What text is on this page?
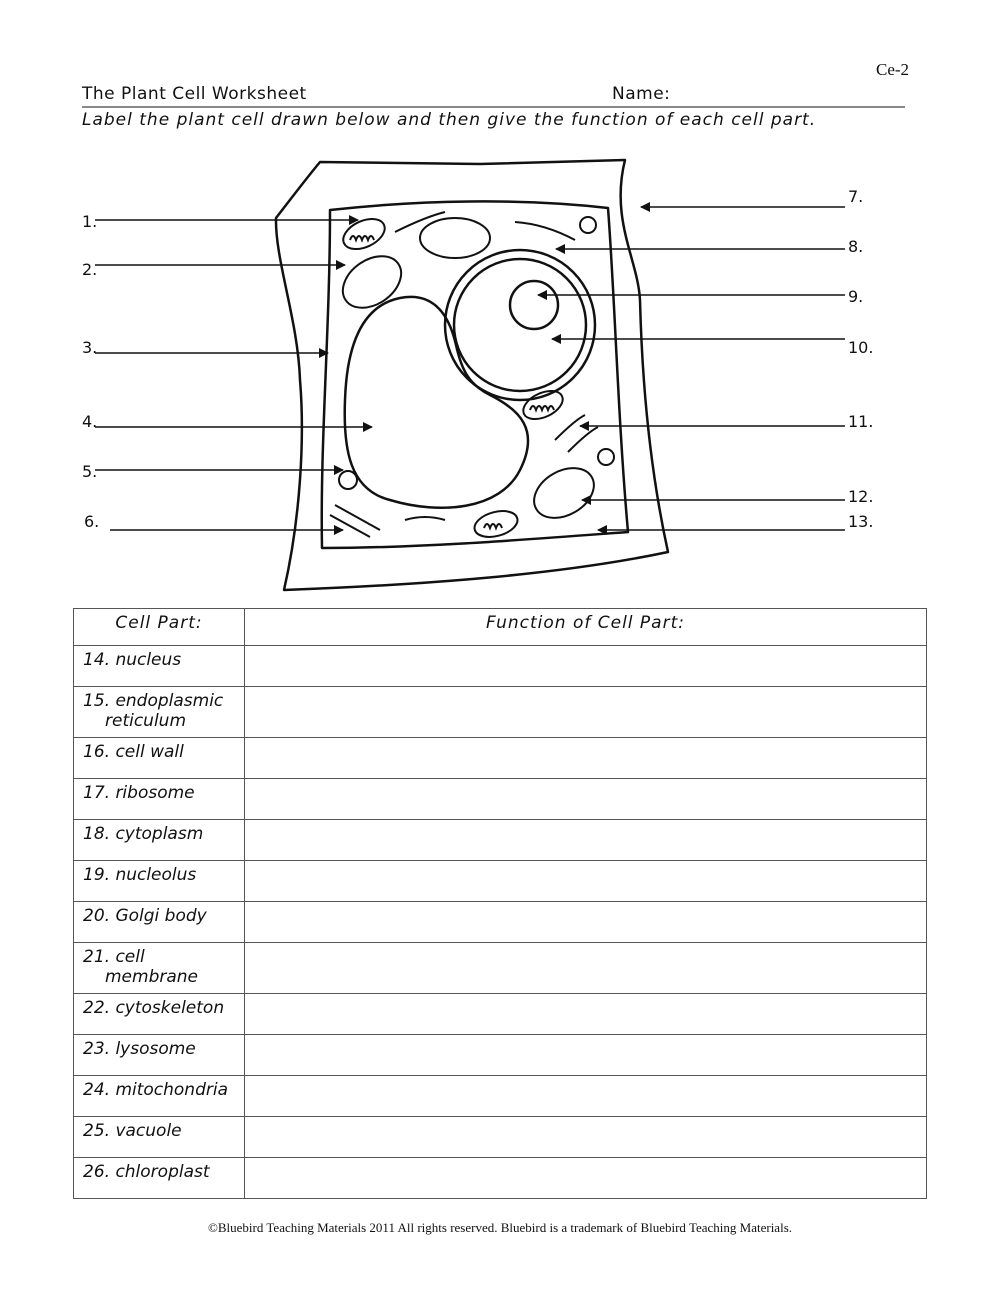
Ce-2
The Plant Cell Worksheet	Name:
Label the plant cell drawn below and then give the function of each cell part.
1.
2.
3.
4.
5.
6.
7.
8.
9.
10.
11.
12.
13.
Cell Part:	Function of Cell Part:
14. nucleus	
15. endoplasmic
reticulum	

16. cell wall	
17. ribosome	
18. cytoplasm	
19. nucleolus	
20. Golgi body	
21. cell
membrane	

22. cytoskeleton	
23. lysosome	
24. mitochondria	
25. vacuole	
26. chloroplast	
©Bluebird Teaching Materials 2011 All rights reserved. Bluebird is a trademark of Bluebird Teaching Materials.
